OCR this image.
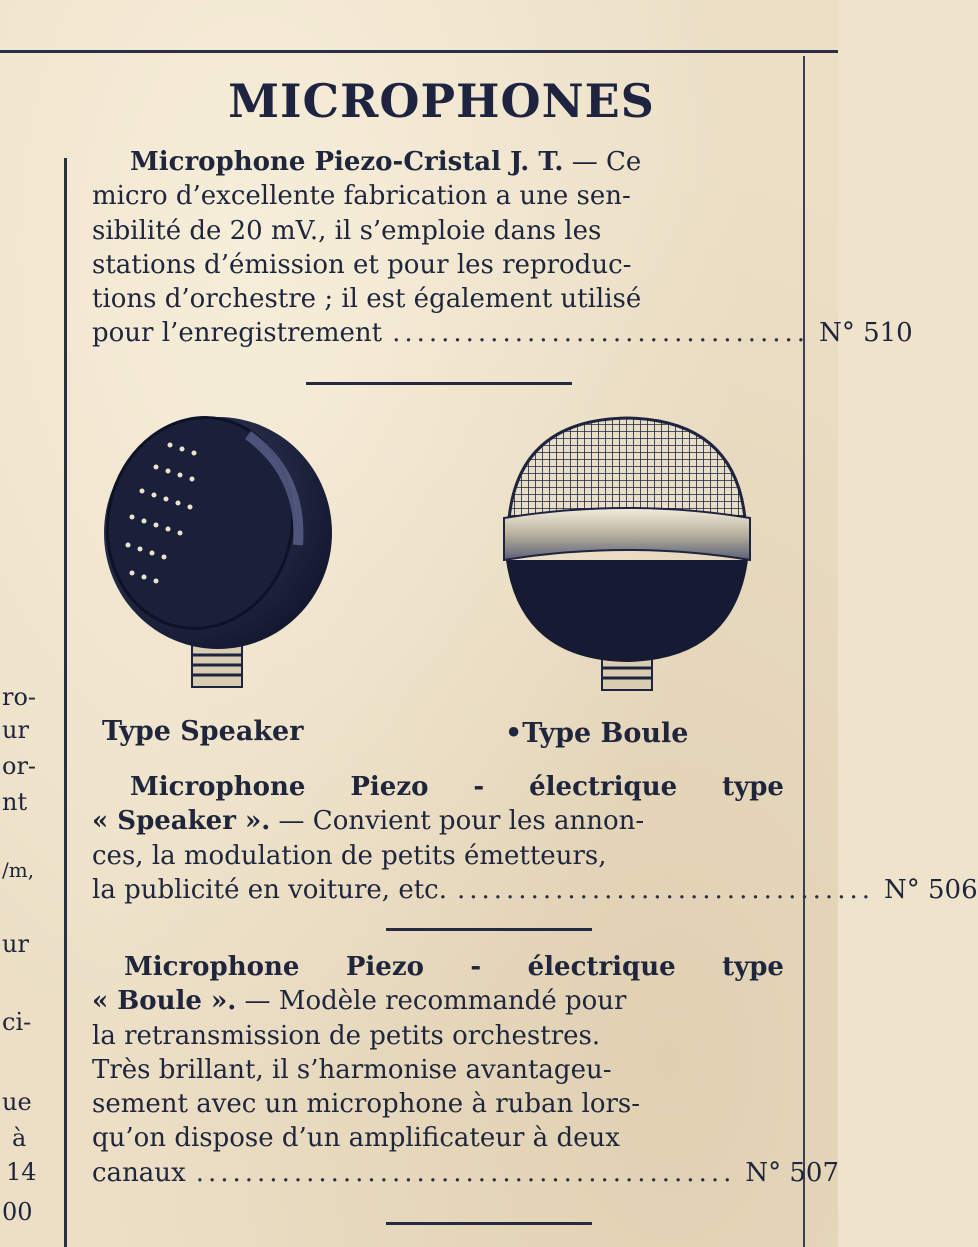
MICROPHONES
Microphone Piezo-Cristal J. T. — Ce
micro d’excellente fabrication a une sen-
sibilité de 20 mV., il s’emploie dans les
stations d’émission et pour les reproduc-
tions d’orchestre ; il est également utilisé
pour l’enregistrement .................................. N° 510
Type Speaker	•Type Boule
Microphone Piezo - électrique type
« Speaker ». — Convient pour les annon-
ces, la modulation de petits émetteurs,
la publicité en voiture, etc. .................................. N° 506
Microphone Piezo - électrique type
« Boule ». — Modèle recommandé pour
la retransmission de petits orchestres.
Très brillant, il s’harmonise avantageu-
sement avec un microphone à ruban lors-
qu’on dispose d’un amplificateur à deux
canaux ............................................ N° 507
ro-
ur
or-
nt
/m,
ur
ci-
ue
à
14
00
